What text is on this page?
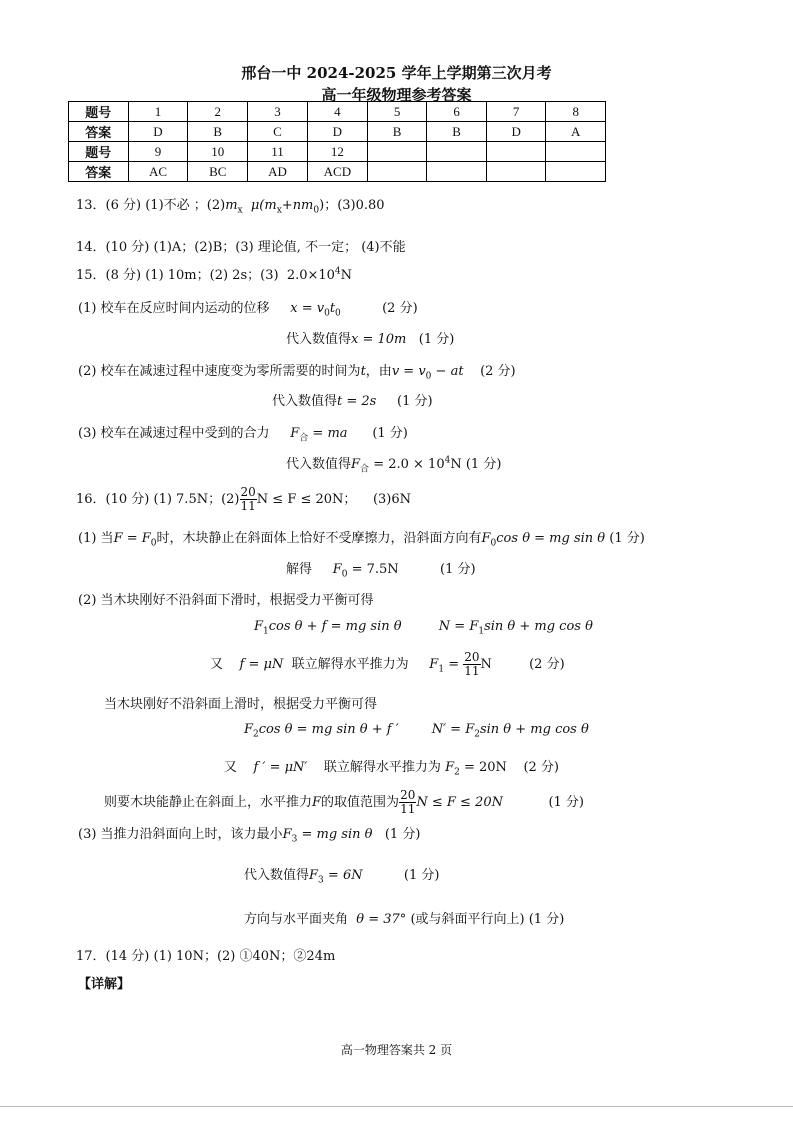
邢台一中 2024-2025 学年上学期第三次月考
高一年级物理参考答案
题号	1	2	3	4	5	6	7	8
答案	D	B	C	D	B	B	D	A
题号	9	10	11	12				
答案	AC	BC	AD	ACD				
13．(6 分) (1)不必 ；$(2)m_x$ $\mu(m_x+nm_0)$；(3)0.80
14．(10 分) (1)A；(2)B；(3) 理论值, 不一定； (4)不能
15．(8 分) (1) 10m；(2) 2s；(3) $2.0\times 10^4N$
(1) 校车在反应时间内运动的位移 $x = v_0t_0$	(2 分)
代入数值得x = 10m (1 分)
(2) 校车在减速过程中速度变为零所需要的时间为t，由$v = v_0$ − at (2 分)
代入数值得t = 2s (1 分)
(3) 校车在减速过程中受到的合力 $F_合$ = ma (1 分)
代入数值得$F_合 = 2.0 \times 10^4N$ (1 分)
16．(10 分) (1) 7.5N；$(2) \frac{20}{11}$ N ≤ F ≤ 20N； (3)6N
(1) 当$F = F_0$时，木块静止在斜面体上恰好不受摩擦力，沿斜面方向有$F_0\cos$ θ = mg sin θ (1 分)
解得 $F_0 = 7.5N$	(1 分)
(2) 当木块刚好不沿斜面下滑时，根据受力平衡可得
$F_1\cos$ θ + f = mg sin θ	$N = F_1\sin$ θ + mg cos θ
又 f = μN 联立解得水平推力为 $F_1 = \frac{20}{11}$ N	(2 分)
当木块刚好不沿斜面上滑时，根据受力平衡可得
$F_2\cos$ θ = mg sin θ + f ′	$N' = F_2\sin$ θ + mg cos θ
又 f ′ = μN′ 联立解得水平推力为 $F_2 = 20N$ (2 分)
则要木块能静止在斜面上，水平推力F的取值范围为 $\frac{20}{11}$ N ≤ F ≤ 20N	(1 分)
(3) 当推力沿斜面向上时，该力最小$F_3$ = mg sin θ (1 分)
代入数值得$F_3 = 6N$	(1 分)
方向与水平面夹角 θ = 37° (或与斜面平行向上) (1 分)
17．(14 分) (1) 10N；(2) ①40N；②24m
【详解】
高一物理答案共 2 页
